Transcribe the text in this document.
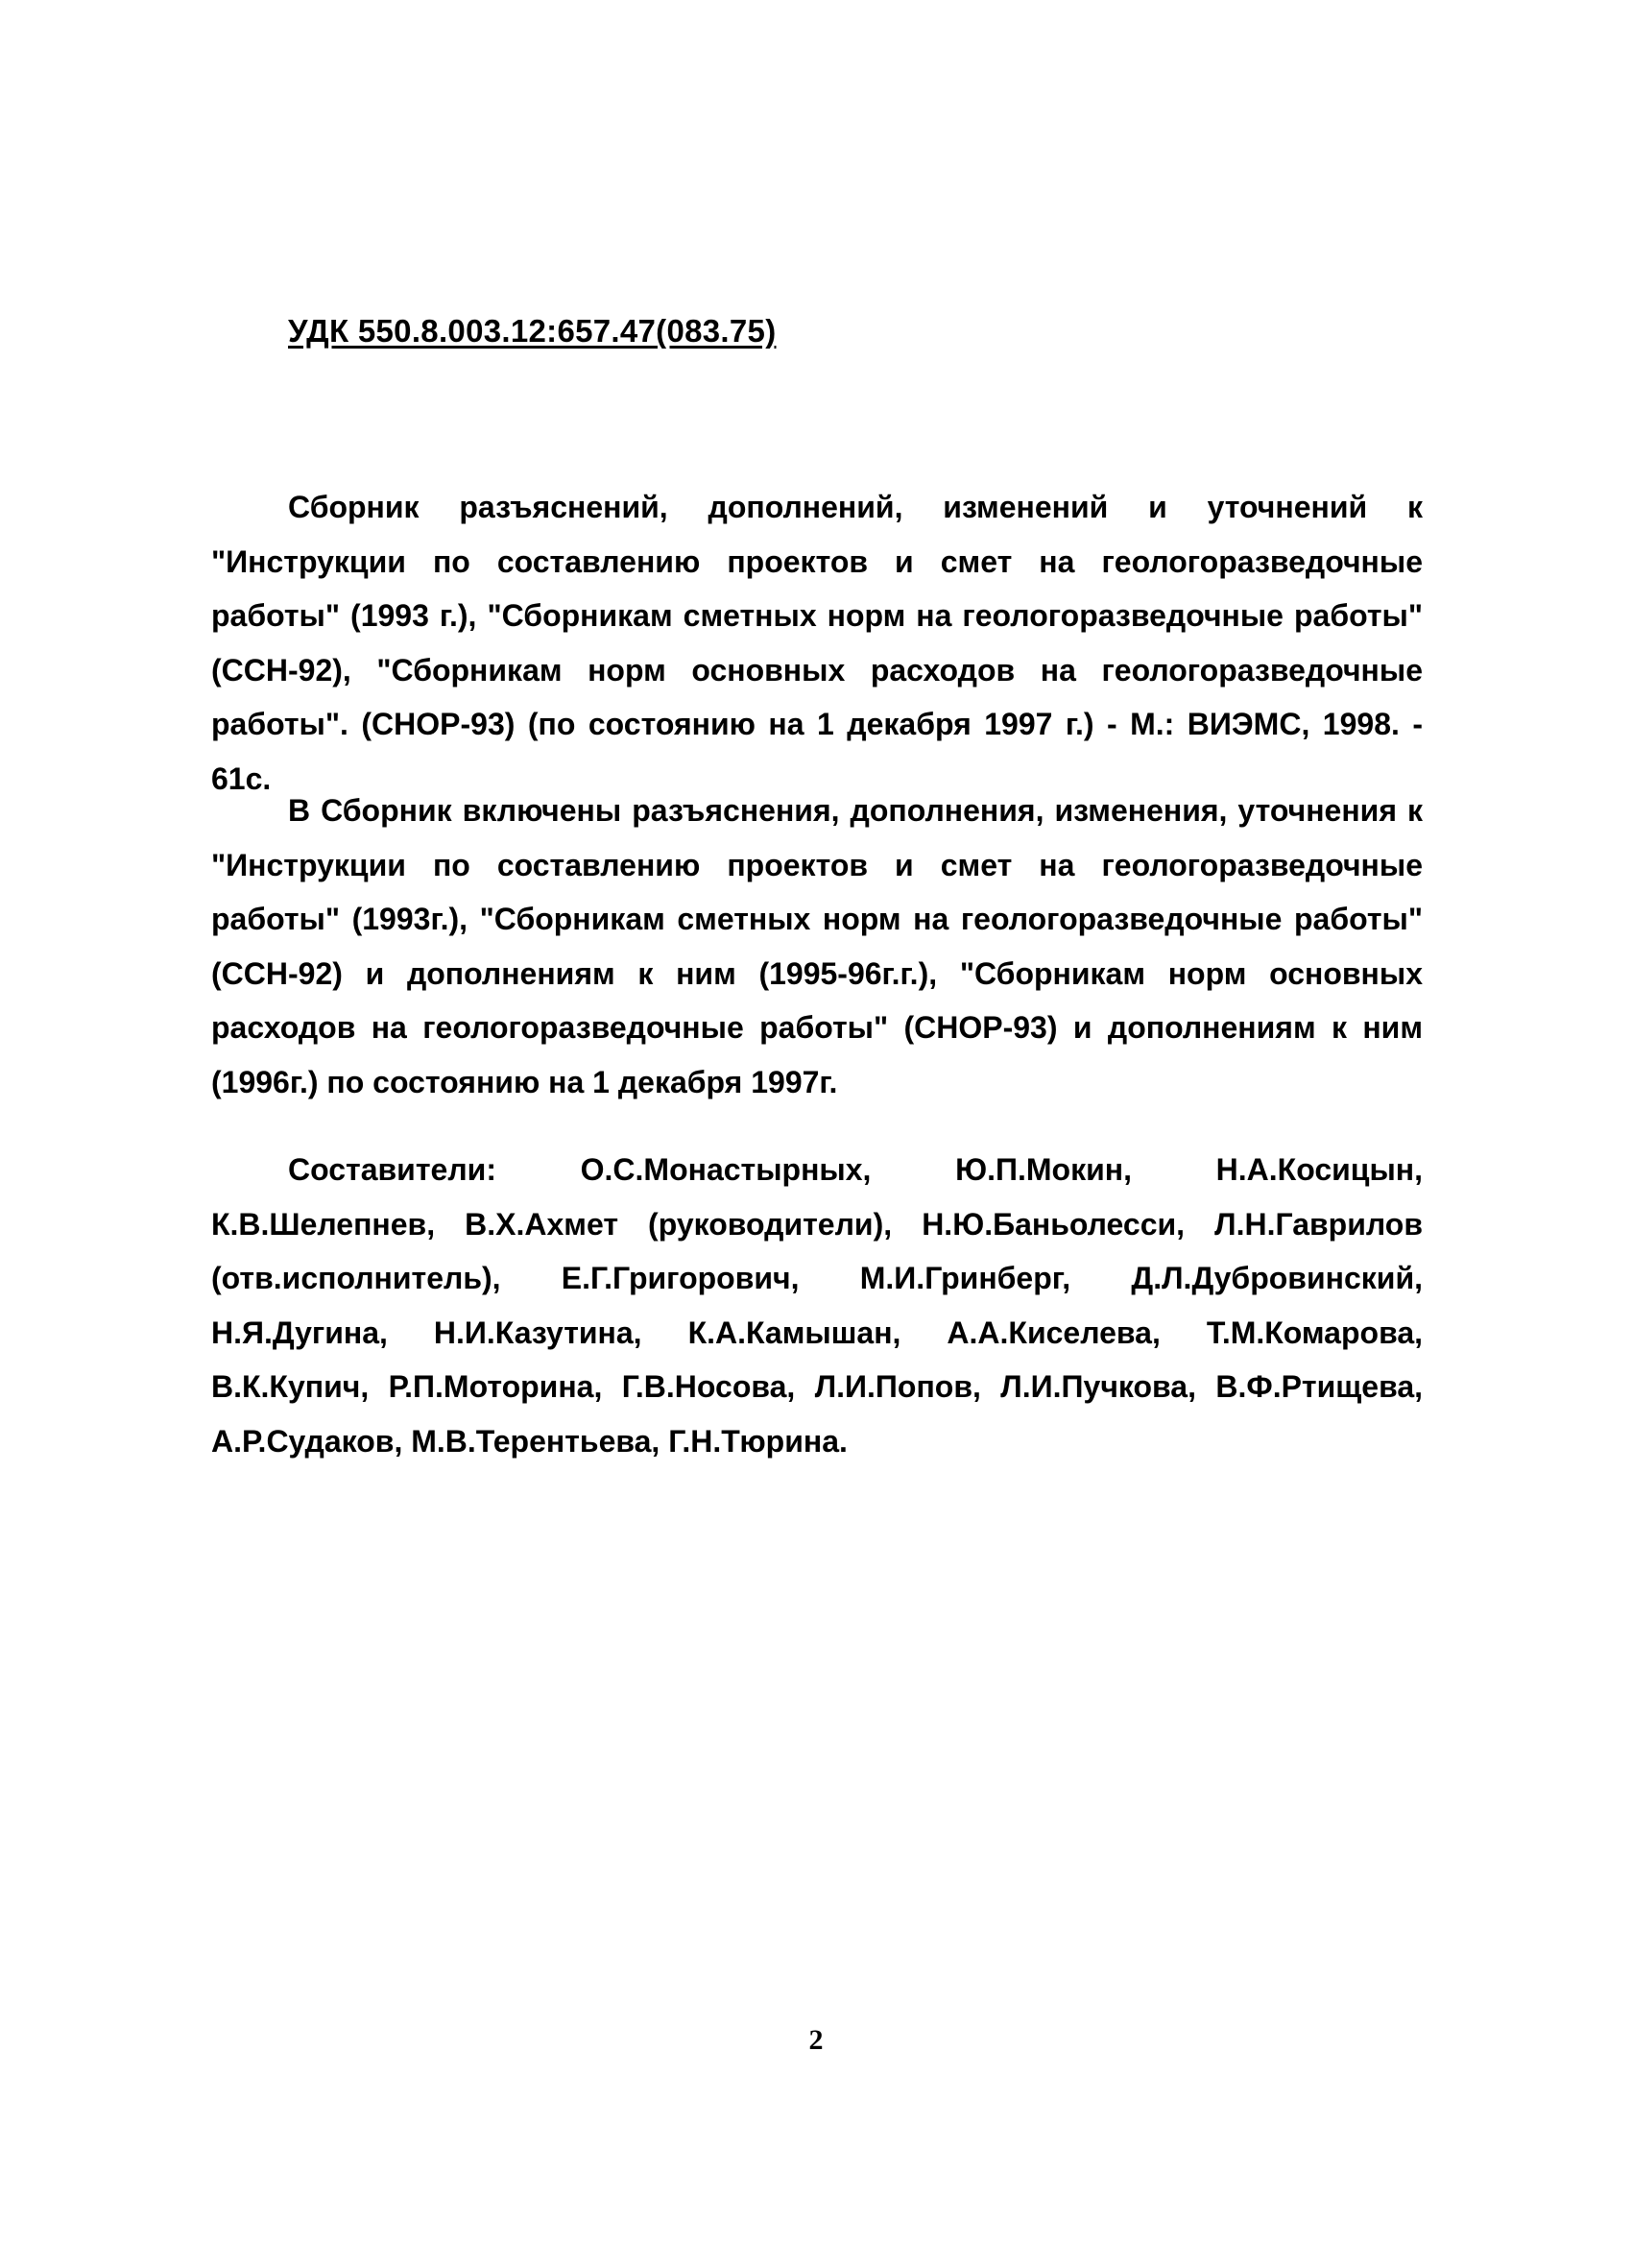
УДК 550.8.003.12:657.47(083.75)

Сборник разъяснений, дополнений, изменений и уточнений к "Инструкции по составлению проектов и смет на геологоразведочные работы" (1993 г.), "Сборникам сметных норм на геологоразведочные работы" (ССН-92), "Сборникам норм основных расходов на геологоразведочные работы". (СНОР-93) (по состоянию на 1 декабря 1997 г.) - М.: ВИЭМС, 1998. - 61с.

В Сборник включены разъяснения, дополнения, изменения, уточнения к "Инструкции по составлению проектов и смет на геологоразведочные работы" (1993г.), "Сборникам сметных норм на геологоразведочные работы" (ССН-92) и дополнениям к ним (1995-96г.г.), "Сборникам норм основных расходов на геологоразведочные работы" (СНОР-93) и дополнениям к ним (1996г.) по состоянию на 1 декабря 1997г.

Составители: О.С.Монастырных, Ю.П.Мокин, Н.А.Косицын, К.В.Шелепнев, В.Х.Ахмет (руководители), Н.Ю.Баньолесси, Л.Н.Гаврилов (отв.исполнитель), Е.Г.Григорович, М.И.Гринберг, Д.Л.Дубровинский, Н.Я.Дугина, Н.И.Казутина, К.А.Камышан, А.А.Киселева, Т.М.Комарова, В.К.Купич, Р.П.Моторина, Г.В.Носова, Л.И.Попов, Л.И.Пучкова, В.Ф.Ртищева, А.Р.Судаков, М.В.Терентьева, Г.Н.Тюрина.

2
